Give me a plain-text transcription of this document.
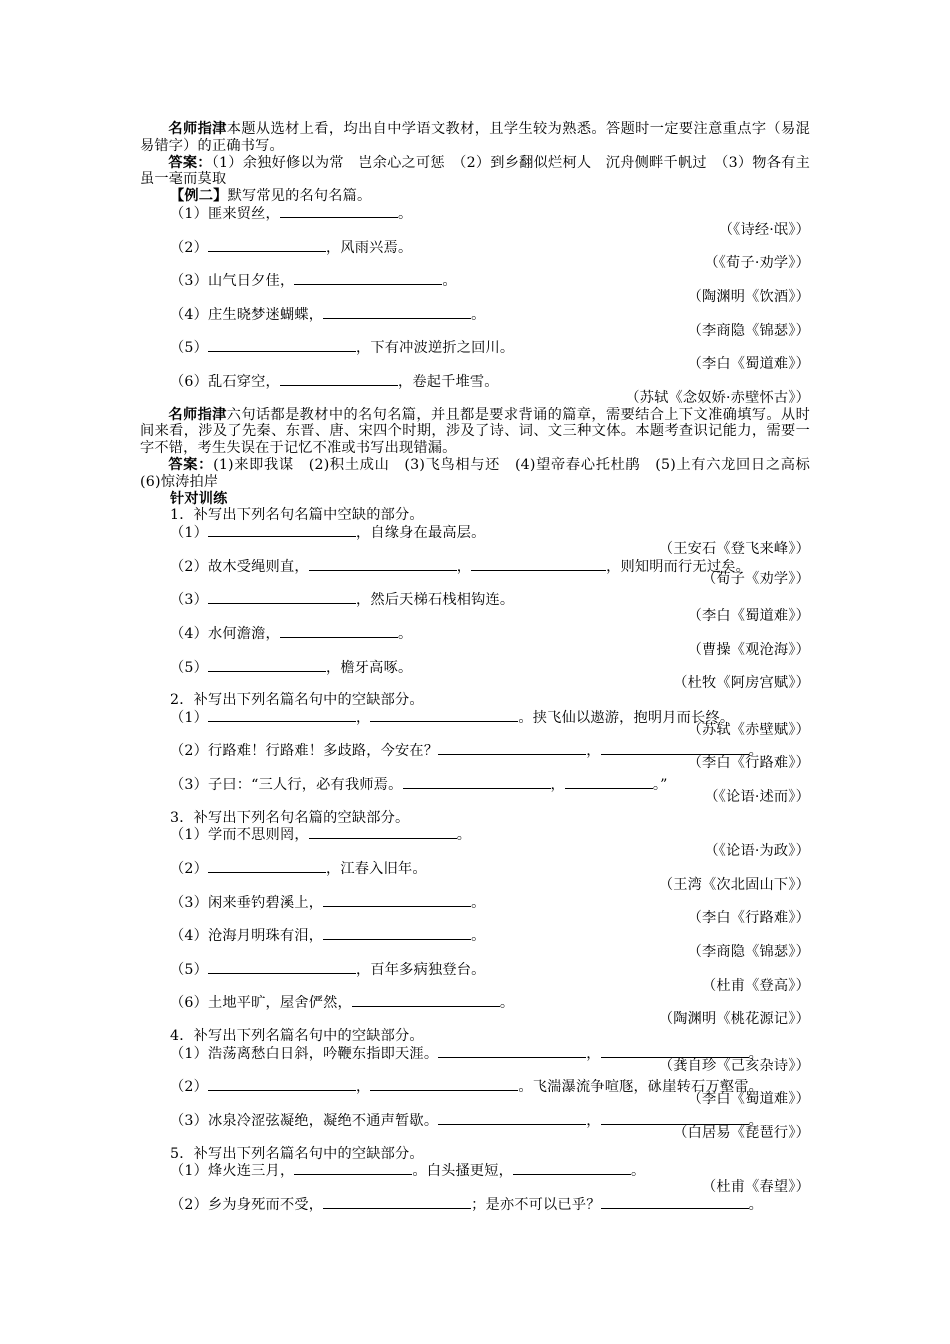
名师指津本题从选材上看，均出自中学语文教材，且学生较为熟悉。答题时一定要注意重点字（易混易错字）的正确书写。

答案：（1）余独好修以为常　岂余心之可惩　（2）到乡翻似烂柯人　沉舟侧畔千帆过　（3）物各有主　虽一毫而莫取

【例二】默写常见的名句名篇。
（1）匪来贸丝，	。
（《诗经·氓》）
（2）	，风雨兴焉。
（《荀子·劝学》）
（3）山气日夕佳，	。
（陶渊明《饮酒》）
（4）庄生晓梦迷蝴蝶，	。
（李商隐《锦瑟》）
（5）	，下有冲波逆折之回川。
（李白《蜀道难》）
（6）乱石穿空，	，卷起千堆雪。
（苏轼《念奴娇·赤壁怀古》）

名师指津六句话都是教材中的名句名篇，并且都是要求背诵的篇章，需要结合上下文准确填写。从时间来看，涉及了先秦、东晋、唐、宋四个时期，涉及了诗、词、文三种文体。本题考查识记能力，需要一字不错，考生失误在于记忆不准或书写出现错漏。

答案：(1)来即我谋　(2)积土成山　(3)飞鸟相与还　(4)望帝春心托杜鹃　(5)上有六龙回日之高标　(6)惊涛拍岸

针对训练
1．补写出下列名句名篇中空缺的部分。
（1）	，自缘身在最高层。
（王安石《登飞来峰》）
（2）故木受绳则直，	，	，则知明而行无过矣。
（荀子《劝学》）
（3）	，然后天梯石栈相钩连。
（李白《蜀道难》）
（4）水何澹澹，	。
（曹操《观沧海》）
（5）	，檐牙高啄。
（杜牧《阿房宫赋》）
2．补写出下列名篇名句中的空缺部分。
（1）	，	。挟飞仙以遨游，抱明月而长终。
（苏轼《赤壁赋》）
（2）行路难！行路难！多歧路，今安在？	，	。
（李白《行路难》）
（3）子曰：“三人行，必有我师焉。	，	。”
（《论语·述而》）
3．补写出下列名句名篇的空缺部分。
（1）学而不思则罔，	。
（《论语·为政》）
（2）	，江春入旧年。
（王湾《次北固山下》）
（3）闲来垂钓碧溪上，	。
（李白《行路难》）
（4）沧海月明珠有泪，	。
（李商隐《锦瑟》）
（5）	，百年多病独登台。
（杜甫《登高》）
（6）土地平旷，屋舍俨然，	。
（陶渊明《桃花源记》）
4．补写出下列名篇名句中的空缺部分。
（1）浩荡离愁白日斜，吟鞭东指即天涯。	，	。
（龚自珍《己亥杂诗》）
（2）	，	。飞湍瀑流争喧豗，砯崖转石万壑雷。
（李白《蜀道难》）
（3）冰泉冷涩弦凝绝，凝绝不通声暂歇。	，	。
（白居易《琵琶行》）
5．补写出下列名篇名句中的空缺部分。
（1）烽火连三月，	。白头搔更短，	。
（杜甫《春望》）
（2）乡为身死而不受，	；是亦不可以已乎？	。
